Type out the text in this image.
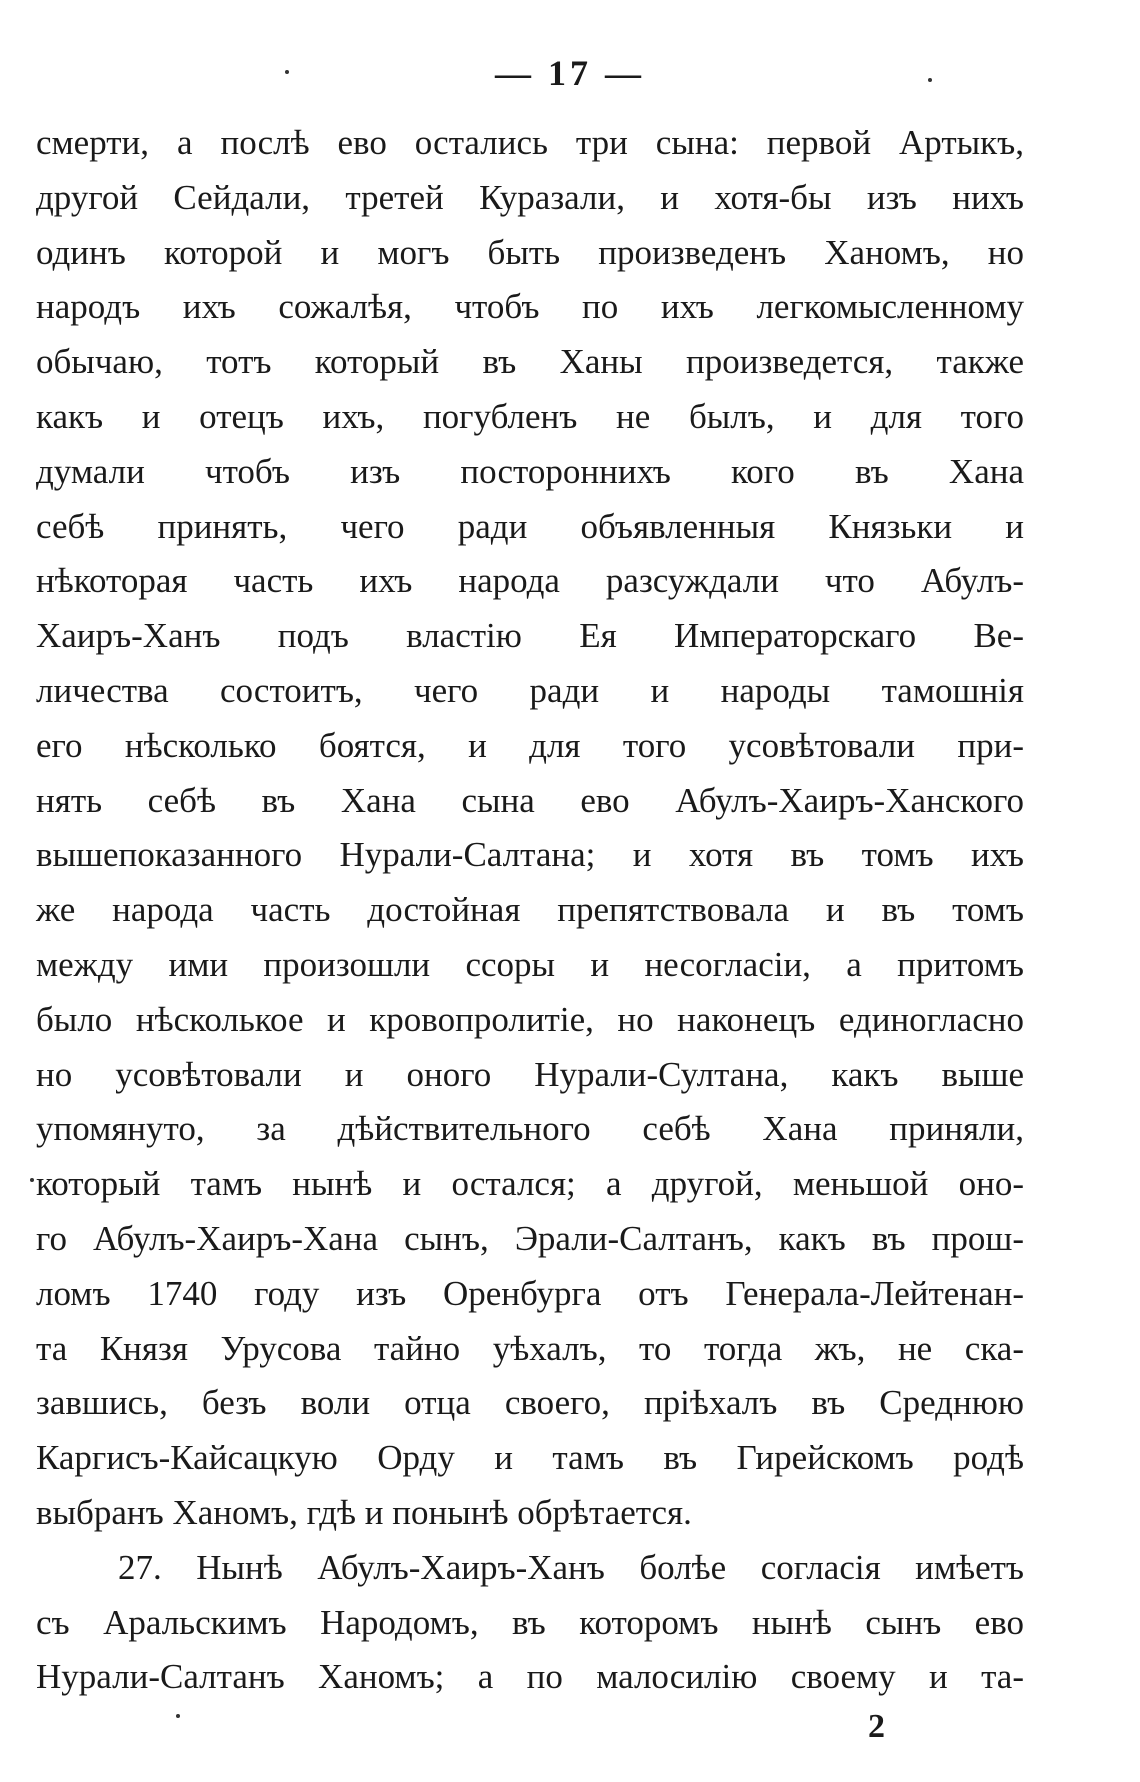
— 17 —
смерти, а послѣ ево остались три сына: первой Артыкъ,
другой Сейдали, третей Куразали, и хотя-бы изъ нихъ
одинъ которой и могъ быть произведенъ Ханомъ, но
народъ ихъ сожалѣя, чтобъ по ихъ легкомысленному
обычаю, тотъ который въ Ханы произведется, также
какъ и отецъ ихъ, погубленъ не былъ, и для того
думали чтобъ изъ постороннихъ кого въ Хана
себѣ принять, чего ради объявленныя Князьки и
нѣкоторая часть ихъ народа разсуждали что Абулъ-
Хаиръ-Ханъ подъ властію Ея Императорскаго Ве-
личества состоитъ, чего ради и народы тамошнія
его нѣсколько боятся, и для того усовѣтовали при-
нять себѣ въ Хана сына ево Абулъ-Хаиръ-Ханского
вышепоказанного Нурали-Салтана; и хотя въ томъ ихъ
же народа часть достойная препятствовала и въ томъ
между ими произошли ссоры и несогласіи, а притомъ
было нѣсколькое и кровопролитіе, но наконецъ единогласно
но усовѣтовали и оного Нурали-Султана, какъ выше
упомянуто, за дѣйствительного себѣ Хана приняли,
который тамъ нынѣ и остался; а другой, меньшой оно-
го Абулъ-Хаиръ-Хана сынъ, Эрали-Салтанъ, какъ въ прош-
ломъ 1740 году изъ Оренбурга отъ Генерала-Лейтенан-
та Князя Урусова тайно уѣхалъ, то тогда жъ, не ска-
завшись, безъ воли отца своего, пріѣхалъ въ Среднюю
Каргисъ-Кайсацкую Орду и тамъ въ Гирейскомъ родѣ
выбранъ Ханомъ, гдѣ и понынѣ обрѣтается.
27. Нынѣ Абулъ-Хаиръ-Ханъ болѣе согласія имѣетъ
съ Аральскимъ Народомъ, въ которомъ нынѣ сынъ ево
Нурали-Салтанъ Ханомъ; а по малосилію своему и та-
2
